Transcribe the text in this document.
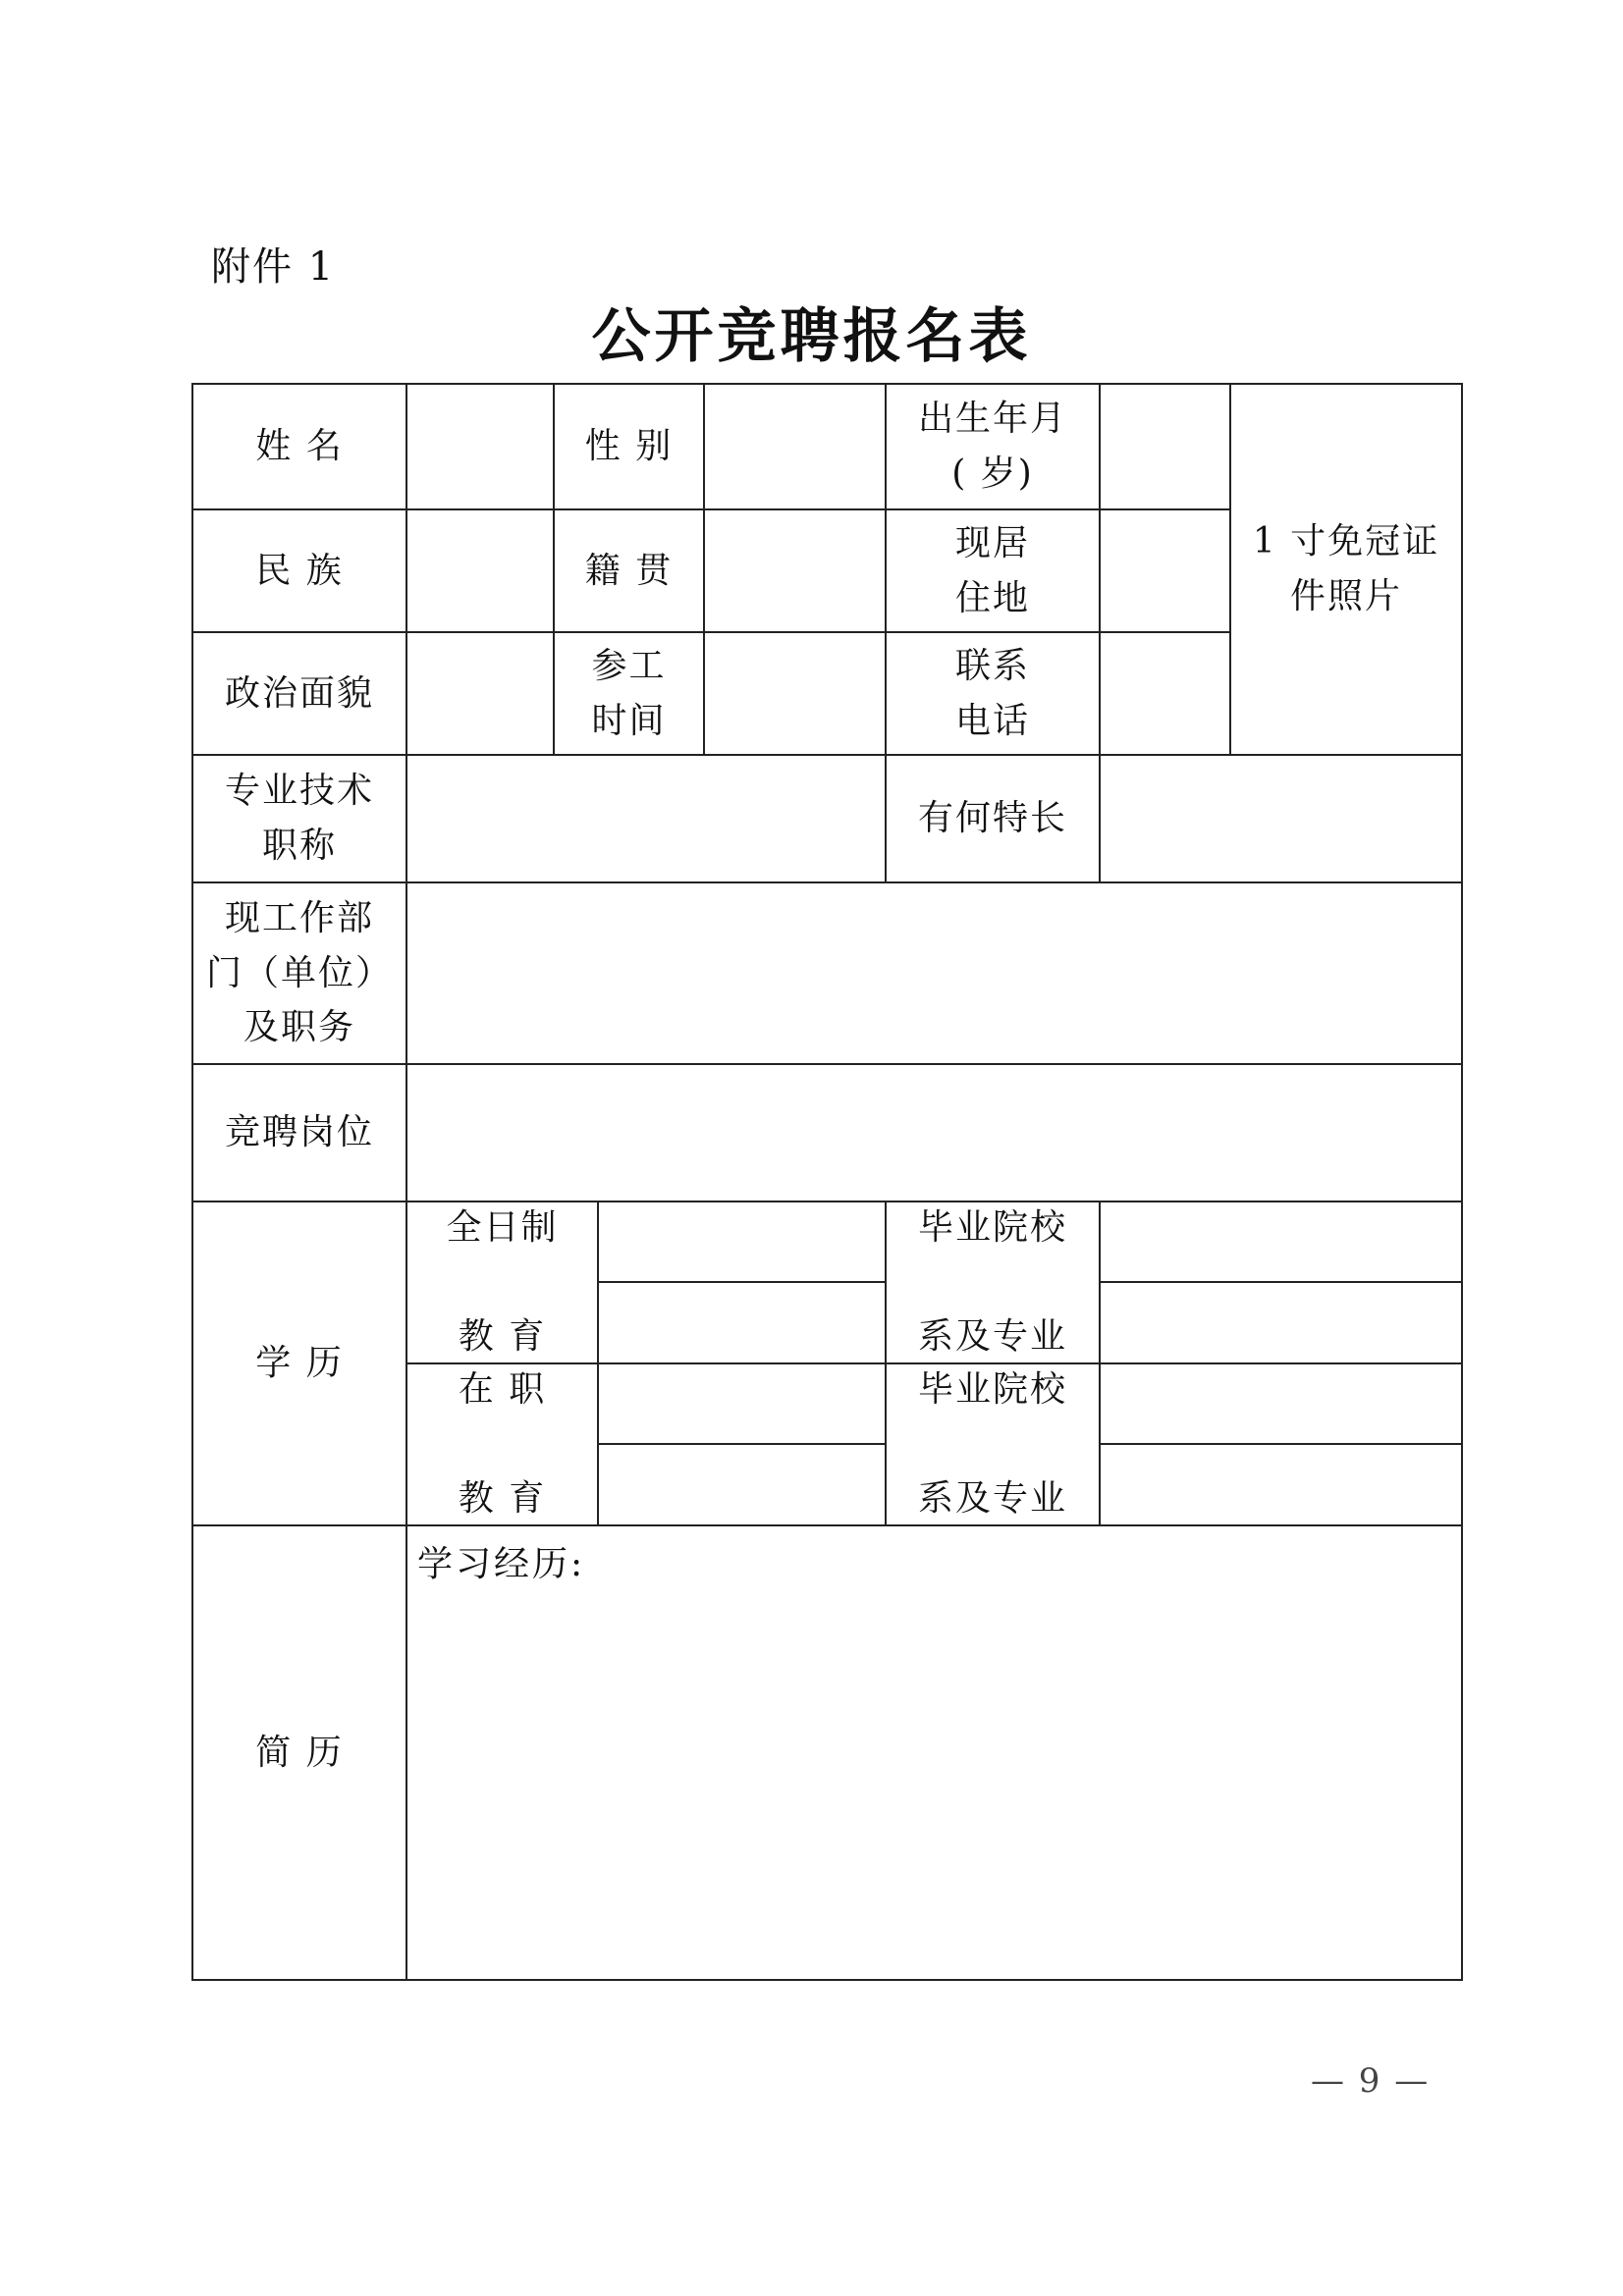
附件 1
公开竞聘报名表
姓 名	性 别
出生年月
( 岁)
1 寸免冠证
件照片
民 族	籍 贯
现居
住地
政治面貌
参工
时间
联系
电话
专业技术
职称
有何特长
现工作部
门（单位）
及职务
竞聘岗位
学 历
全日制

教 育
毕业院校

系及专业
在 职

教 育
毕业院校

系及专业
简 历
学习经历:
— 9 —
